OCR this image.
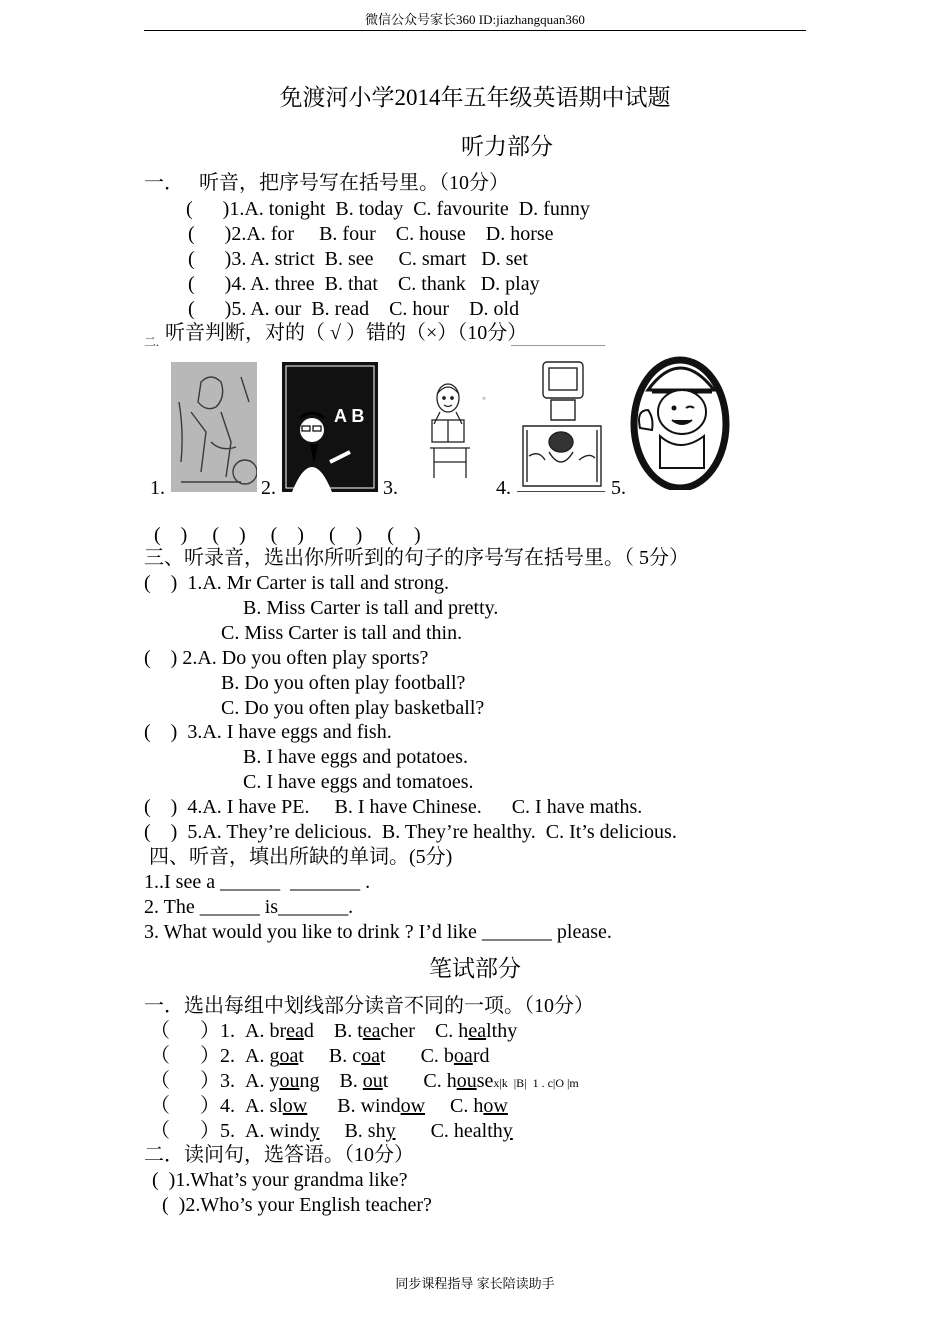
微信公众号家长360 ID:jiazhangquan360
免渡河小学2014年五年级英语期中试题
听力部分
一．   听音，把序号写在括号里。（10分）
(      )1.A. tonight  B. today  C. favourite  D. funny
(      )2.A. for     B. four    C. house    D. horse
(      )3. A. strict  B. see     C. smart   D. set
(      )4. A. three  B. that    C. thank   D. play
(      )5. A. our  B. read    C. hour    D. old
二. 听音判断，对的（ √ ）错的（×）（10分）
1.
A B
2.
◦
3.	4.	5.
(    )     (    )     (    )     (    )     (    )
三、听录音，选出你所听到的句子的序号写在括号里。（ 5分）
(    )  1.A. Mr Carter is tall and strong.
B. Miss Carter is tall and pretty.
C. Miss Carter is tall and thin.
(    ) 2.A. Do you often play sports?
B. Do you often play football?
C. Do you often play basketball?
(    )  3.A. I have eggs and fish.
B. I have eggs and potatoes.
C. I have eggs and tomatoes.
(    )  4.A. I have PE.     B. I have Chinese.      C. I have maths.
(    )  5.A. They’re delicious.  B. They’re healthy.  C. It’s delicious.
四、听音，填出所缺的单词。(5分)
1..I see a ______  _______ .
2. The ______ is_______.
3. What would you like to drink ? I’d like _______ please.
笔试部分
一．选出每组中划线部分读音不同的一项。（10分）
（      ）1.  A. bread    B. teacher    C. healthy
（      ）2.  A. goat     B. coat       C. board
（      ）3.  A. young    B. out       C. housex|k  |B|  1 . c|O |m
（      ）4.  A. slow      B. window     C. how
（      ）5.  A. windy     B. shy       C. healthy
二．读问句，选答语。（10分）
(  )1.What’s your grandma like?
(  )2.Who’s your English teacher?
同步课程指导 家长陪读助手
